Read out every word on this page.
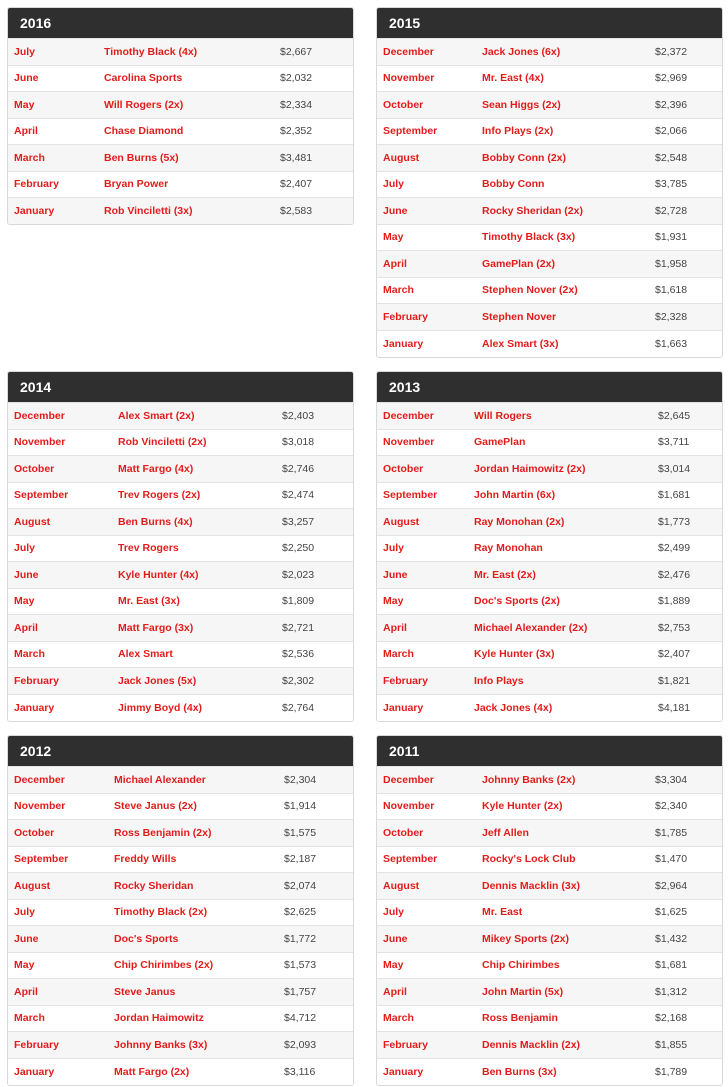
2016
July	Timothy Black (4x)	$2,667
June	Carolina Sports	$2,032
May	Will Rogers (2x)	$2,334
April	Chase Diamond	$2,352
March	Ben Burns (5x)	$3,481
February	Bryan Power	$2,407
January	Rob Vinciletti (3x)	$2,583
2015
December	Jack Jones (6x)	$2,372
November	Mr. East (4x)	$2,969
October	Sean Higgs (2x)	$2,396
September	Info Plays (2x)	$2,066
August	Bobby Conn (2x)	$2,548
July	Bobby Conn	$3,785
June	Rocky Sheridan (2x)	$2,728
May	Timothy Black (3x)	$1,931
April	GamePlan (2x)	$1,958
March	Stephen Nover (2x)	$1,618
February	Stephen Nover	$2,328
January	Alex Smart (3x)	$1,663
2014
December	Alex Smart (2x)	$2,403
November	Rob Vinciletti (2x)	$3,018
October	Matt Fargo (4x)	$2,746
September	Trev Rogers (2x)	$2,474
August	Ben Burns (4x)	$3,257
July	Trev Rogers	$2,250
June	Kyle Hunter (4x)	$2,023
May	Mr. East (3x)	$1,809
April	Matt Fargo (3x)	$2,721
March	Alex Smart	$2,536
February	Jack Jones (5x)	$2,302
January	Jimmy Boyd (4x)	$2,764
2013
December	Will Rogers	$2,645
November	GamePlan	$3,711
October	Jordan Haimowitz (2x)	$3,014
September	John Martin (6x)	$1,681
August	Ray Monohan (2x)	$1,773
July	Ray Monohan	$2,499
June	Mr. East (2x)	$2,476
May	Doc's Sports (2x)	$1,889
April	Michael Alexander (2x)	$2,753
March	Kyle Hunter (3x)	$2,407
February	Info Plays	$1,821
January	Jack Jones (4x)	$4,181
2012
December	Michael Alexander	$2,304
November	Steve Janus (2x)	$1,914
October	Ross Benjamin (2x)	$1,575
September	Freddy Wills	$2,187
August	Rocky Sheridan	$2,074
July	Timothy Black (2x)	$2,625
June	Doc's Sports	$1,772
May	Chip Chirimbes (2x)	$1,573
April	Steve Janus	$1,757
March	Jordan Haimowitz	$4,712
February	Johnny Banks (3x)	$2,093
January	Matt Fargo (2x)	$3,116
2011
December	Johnny Banks (2x)	$3,304
November	Kyle Hunter (2x)	$2,340
October	Jeff Allen	$1,785
September	Rocky's Lock Club	$1,470
August	Dennis Macklin (3x)	$2,964
July	Mr. East	$1,625
June	Mikey Sports (2x)	$1,432
May	Chip Chirimbes	$1,681
April	John Martin (5x)	$1,312
March	Ross Benjamin	$2,168
February	Dennis Macklin (2x)	$1,855
January	Ben Burns (3x)	$1,789
